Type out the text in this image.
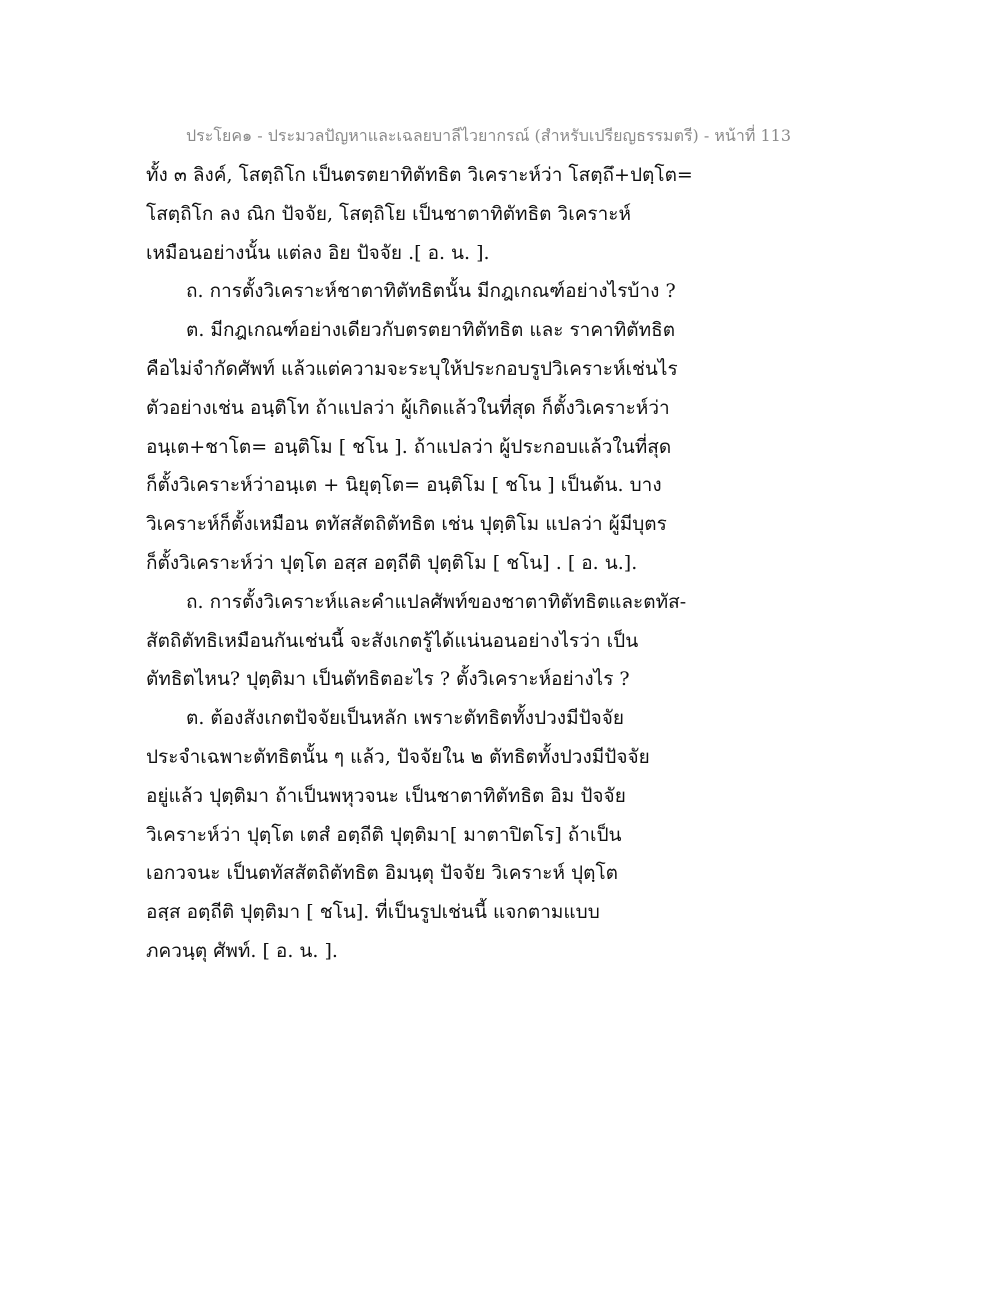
ประโยค๑ - ประมวลปัญหาและเฉลยบาลีไวยากรณ์ (สำหรับเปรียญธรรมตรี) - หน้าที่ 113
ทั้ง ๓ ลิงค์, โสตฺถิโก เป็นตรตยาทิตัทธิต วิเคราะห์ว่า โสตฺถึ+ปตฺโต=
โสตฺถิโก ลง ณิก ปัจจัย, โสตฺถิโย เป็นชาตาทิตัทธิต วิเคราะห์
เหมือนอย่างนั้น แต่ลง อิย ปัจจัย .[ อ. น. ].
ถ. การตั้งวิเคราะห์ชาตาทิตัทธิตนั้น มีกฎเกณฑ์อย่างไรบ้าง ?
ต. มีกฎเกณฑ์อย่างเดียวกับตรตยาทิตัทธิต และ ราคาทิตัทธิต
คือไม่จำกัดศัพท์ แล้วแต่ความจะระบุให้ประกอบรูปวิเคราะห์เช่นไร
ตัวอย่างเช่น อนฺติโท ถ้าแปลว่า ผู้เกิดแล้วในที่สุด ก็ตั้งวิเคราะห์ว่า
อนฺเต+ชาโต= อนฺติโม [ ชโน ]. ถ้าแปลว่า ผู้ประกอบแล้วในที่สุด
ก็ตั้งวิเคราะห์ว่าอนฺเต + นิยุตฺโต= อนฺติโม [ ชโน ] เป็นต้น. บาง
วิเคราะห์ก็ตั้งเหมือน ตทัสสัตถิตัทธิต เช่น ปุตฺติโม แปลว่า ผู้มีบุตร
ก็ตั้งวิเคราะห์ว่า ปุตฺโต อสฺส อตฺถีติ ปุตฺติโม [ ชโน] . [ อ. น.].
ถ. การตั้งวิเคราะห์และคำแปลศัพท์ของชาตาทิตัทธิตและตทัส-
สัตถิตัทธิเหมือนกันเช่นนี้ จะสังเกตรู้ได้แน่นอนอย่างไรว่า เป็น
ตัทธิตไหน? ปุตฺติมา เป็นตัทธิตอะไร ? ตั้งวิเคราะห์อย่างไร ?
ต. ต้องสังเกตปัจจัยเป็นหลัก เพราะตัทธิตทั้งปวงมีปัจจัย
ประจำเฉพาะตัทธิตนั้น ๆ แล้ว, ปัจจัยใน ๒ ตัทธิตทั้งปวงมีปัจจัย
อยู่แล้ว ปุตฺติมา ถ้าเป็นพหุวจนะ เป็นชาตาทิตัทธิต อิม ปัจจัย
วิเคราะห์ว่า ปุตฺโต เตสํ อตฺถีติ ปุตฺติมา[ มาตาปิตโร] ถ้าเป็น
เอกวจนะ เป็นตทัสสัตถิตัทธิต อิมนฺตุ ปัจจัย วิเคราะห์ ปุตฺโต
อสฺส อตฺถีติ ปุตฺติมา [ ชโน]. ที่เป็นรูปเช่นนี้ แจกตามแบบ
ภควนฺตุ ศัพท์. [ อ. น. ].
